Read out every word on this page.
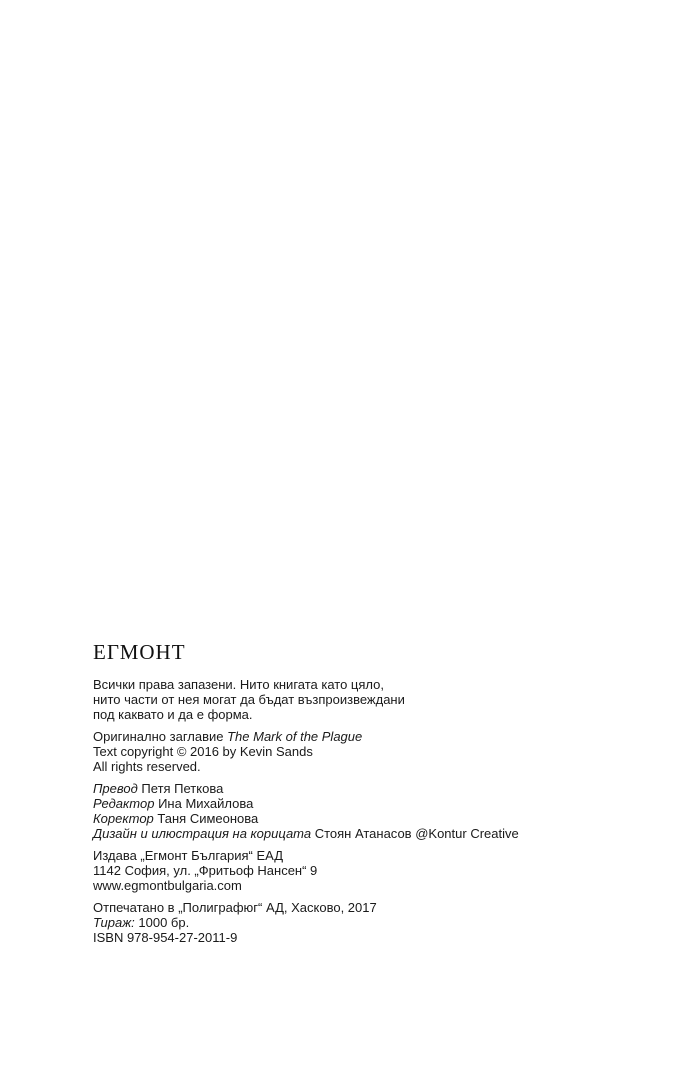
ЕГМОНТ
Всички права запазени. Нито книгата като цяло,
нито части от нея могат да бъдат възпроизвеждани
под каквато и да е форма.
Оригинално заглавие The Mark of the Plague
Text copyright © 2016 by Kevin Sands
All rights reserved.
Превод Петя Петкова
Редактор Ина Михайлова
Коректор Таня Симеонова
Дизайн и илюстрация на корицата Стоян Атанасов @Kontur Creative
Издава „Егмонт България“ ЕАД
1142 София, ул. „Фритьоф Нансен“ 9
www.egmontbulgaria.com
Отпечатано в „Полиграфюг“ АД, Хасково, 2017
Тираж: 1000 бр.
ISBN 978-954-27-2011-9
